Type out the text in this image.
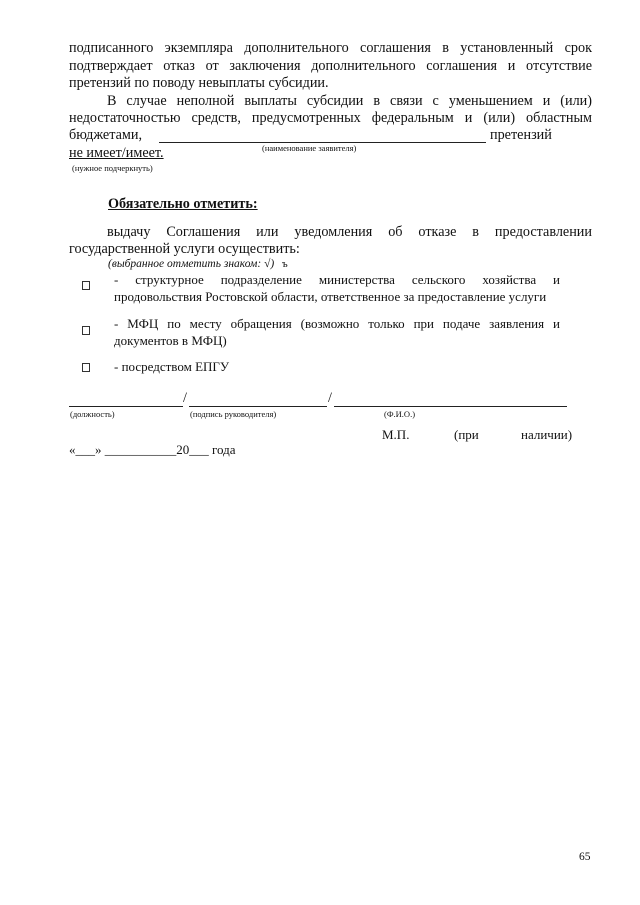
подписанного экземпляра дополнительного соглашения в установленный срок
подтверждает отказ от заключения дополнительного соглашения и отсутствие
претензий по поводу невыплаты субсидии.
В случае неполной выплаты субсидии в связи с уменьшением и (или)
недостаточностью средств, предусмотренных федеральным и (или) областным
бюджетами,	претензий
(наименование заявителя)
не имеет/имеет.
(нужное подчеркнуть)
Обязательно отметить:
выдачу Соглашения или уведомления об отказе в предоставлении
государственной услуги осуществить:
(выбранное отметить знаком: √) ъ
- структурное подразделение министерства сельского хозяйства и
продовольствия Ростовской области, ответственное за предоставление услуги
- МФЦ по месту обращения (возможно только при подаче заявления и
документов в МФЦ)
- посредством ЕПГУ
/	/
(должность)	(подпись руководителя)	(Ф.И.О.)
М.П.	(при	наличии)
«___» ___________20___ года
65
